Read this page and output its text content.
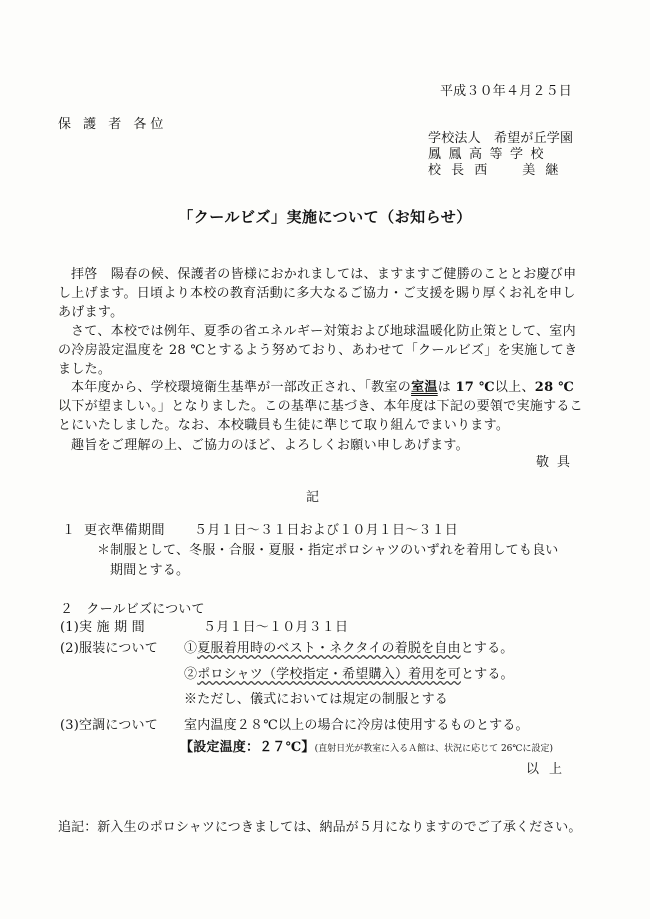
平成３０年４月２５日
保 護 者 各位
学校法人　希望が丘学園
鳳鳳高等学校
校 長 西　　美 継
「クールビズ」実施について（お知らせ）
拝啓　陽春の候、保護者の皆様におかれましては、ますますご健勝のこととお慶び申し上げます。日頃より本校の教育活動に多大なるご協力・ご支援を賜り厚くお礼を申しあげます。
さて、本校では例年、夏季の省エネルギー対策および地球温暖化防止策として、室内の冷房設定温度を 28 ℃とするよう努めており、あわせて「クールビズ」を実施してきました。
本年度から、学校環境衛生基準が一部改正され、「教室の室温は 17 ℃以上、28 ℃以下が望ましい。」となりました。この基準に基づき、本年度は下記の要領で実施することにいたしました。なお、本校職員も生徒に準じて取り組んでまいります。
趣旨をご理解の上、ご協力のほど、よろしくお願い申しあげます。
敬具
記
１ 更衣準備期間 ５月１日～３１日および１０月１日～３１日
＊制服として、冬服・合服・夏服・指定ポロシャツのいずれを着用しても良い
期間とする。
２　クールビズについて
(1)実 施 期 間	５月１日～１０月３１日
(2)服装について ①夏服着用時のベスト・ネクタイの着脱を自由とする。
②ポロシャツ（学校指定・希望購入）着用を可とする。
※ただし、儀式においては規定の制服とする
(3)空調について 室内温度２８℃以上の場合に冷房は使用するものとする。
【設定温度：２７℃】(直射日光が教室に入るＡ館は、状況に応じて 26℃に設定)
以上
追記：新入生のポロシャツにつきましては、納品が５月になりますのでご了承ください。
